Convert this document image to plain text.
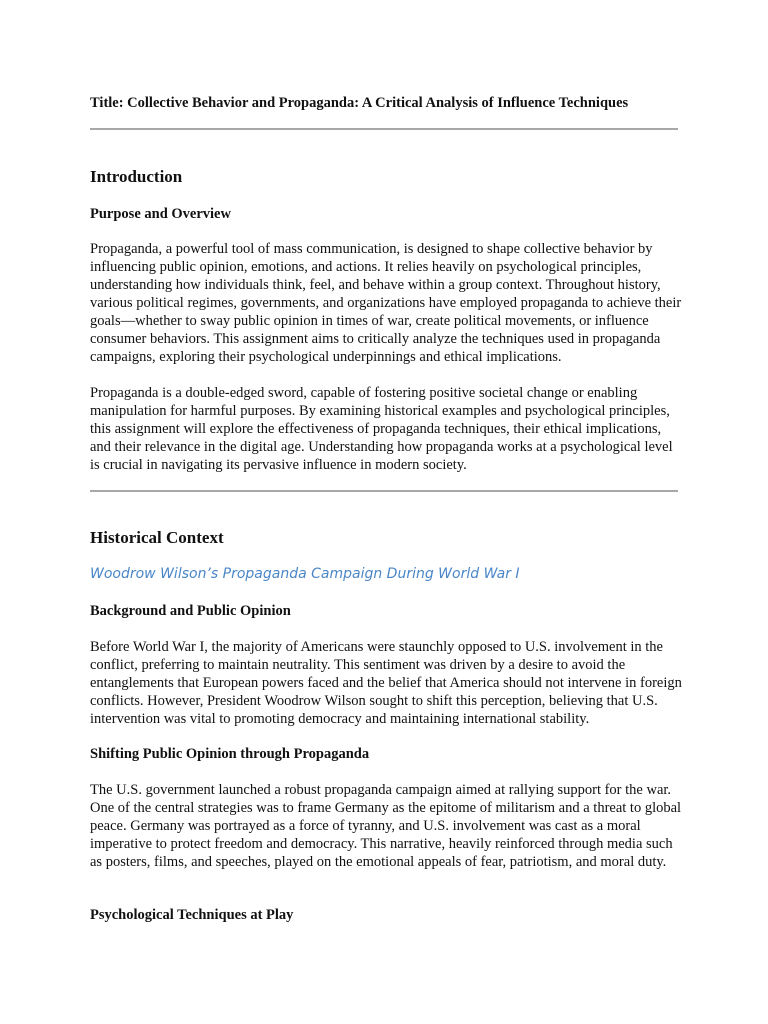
Title: Collective Behavior and Propaganda: A Critical Analysis of Influence Techniques

Introduction
Purpose and Overview

Propaganda, a powerful tool of mass communication, is designed to shape collective behavior by influencing public opinion, emotions, and actions. It relies heavily on psychological principles, understanding how individuals think, feel, and behave within a group context. Throughout history, various political regimes, governments, and organizations have employed propaganda to achieve their goals—whether to sway public opinion in times of war, create political movements, or influence consumer behaviors. This assignment aims to critically analyze the techniques used in propaganda campaigns, exploring their psychological underpinnings and ethical implications.

Propaganda is a double-edged sword, capable of fostering positive societal change or enabling manipulation for harmful purposes. By examining historical examples and psychological principles, this assignment will explore the effectiveness of propaganda techniques, their ethical implications, and their relevance in the digital age. Understanding how propaganda works at a psychological level is crucial in navigating its pervasive influence in modern society.

Historical Context
Woodrow Wilson’s Propaganda Campaign During World War I
Background and Public Opinion

Before World War I, the majority of Americans were staunchly opposed to U.S. involvement in the conflict, preferring to maintain neutrality. This sentiment was driven by a desire to avoid the entanglements that European powers faced and the belief that America should not intervene in foreign conflicts. However, President Woodrow Wilson sought to shift this perception, believing that U.S. intervention was vital to promoting democracy and maintaining international stability.

Shifting Public Opinion through Propaganda

The U.S. government launched a robust propaganda campaign aimed at rallying support for the war. One of the central strategies was to frame Germany as the epitome of militarism and a threat to global peace. Germany was portrayed as a force of tyranny, and U.S. involvement was cast as a moral imperative to protect freedom and democracy. This narrative, heavily reinforced through media such as posters, films, and speeches, played on the emotional appeals of fear, patriotism, and moral duty.

Psychological Techniques at Play
